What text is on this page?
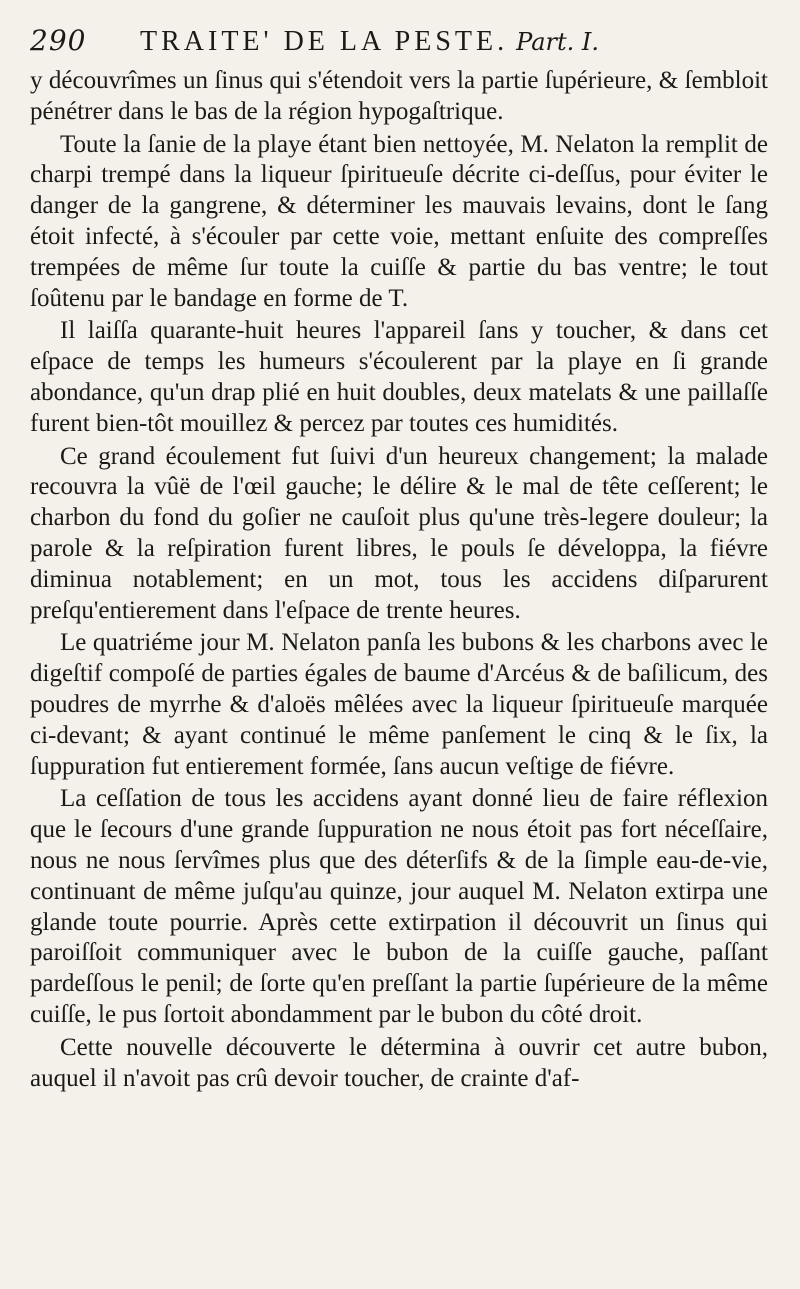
290	TRAITE' DE LA PESTE. Part. I.

y découvrîmes un ſinus qui s'étendoit vers la partie ſupérieure, & ſembloit pénétrer dans le bas de la région hypogaſtrique.

Toute la ſanie de la playe étant bien nettoyée, M. Nelaton la remplit de charpi trempé dans la liqueur ſpiritueuſe décrite ci-deſſus, pour éviter le danger de la gangrene, & déterminer les mauvais levains, dont le ſang étoit infecté, à s'écouler par cette voie, mettant enſuite des compreſſes trempées de même ſur toute la cuiſſe & partie du bas ventre; le tout ſoûtenu par le bandage en forme de T.

Il laiſſa quarante-huit heures l'appareil ſans y toucher, & dans cet eſpace de temps les humeurs s'écoulerent par la playe en ſi grande abondance, qu'un drap plié en huit doubles, deux matelats & une paillaſſe furent bien-tôt mouillez & percez par toutes ces humidités.

Ce grand écoulement fut ſuivi d'un heureux changement; la malade recouvra la vûë de l'œil gauche; le délire & le mal de tête ceſſerent; le charbon du fond du goſier ne cauſoit plus qu'une très-legere douleur; la parole & la reſpiration furent libres, le pouls ſe développa, la fiévre diminua notablement; en un mot, tous les accidens diſparurent preſqu'entierement dans l'eſpace de trente heures.

Le quatriéme jour M. Nelaton panſa les bubons & les charbons avec le digeſtif compoſé de parties égales de baume d'Arcéus & de baſilicum, des poudres de myrrhe & d'aloës mêlées avec la liqueur ſpiritueuſe marquée ci-devant; & ayant continué le même panſement le cinq & le ſix, la ſuppuration fut entierement formée, ſans aucun veſtige de fiévre.

La ceſſation de tous les accidens ayant donné lieu de faire réflexion que le ſecours d'une grande ſuppuration ne nous étoit pas fort néceſſaire, nous ne nous ſervîmes plus que des déterſifs & de la ſimple eau-de-vie, continuant de même juſqu'au quinze, jour auquel M. Nelaton extirpa une glande toute pourrie. Après cette extirpation il découvrit un ſinus qui paroiſſoit communiquer avec le bubon de la cuiſſe gauche, paſſant pardeſſous le penil; de ſorte qu'en preſſant la partie ſupérieure de la même cuiſſe, le pus ſortoit abondamment par le bubon du côté droit.

Cette nouvelle découverte le détermina à ouvrir cet autre bubon, auquel il n'avoit pas crû devoir toucher, de crainte d'af-
